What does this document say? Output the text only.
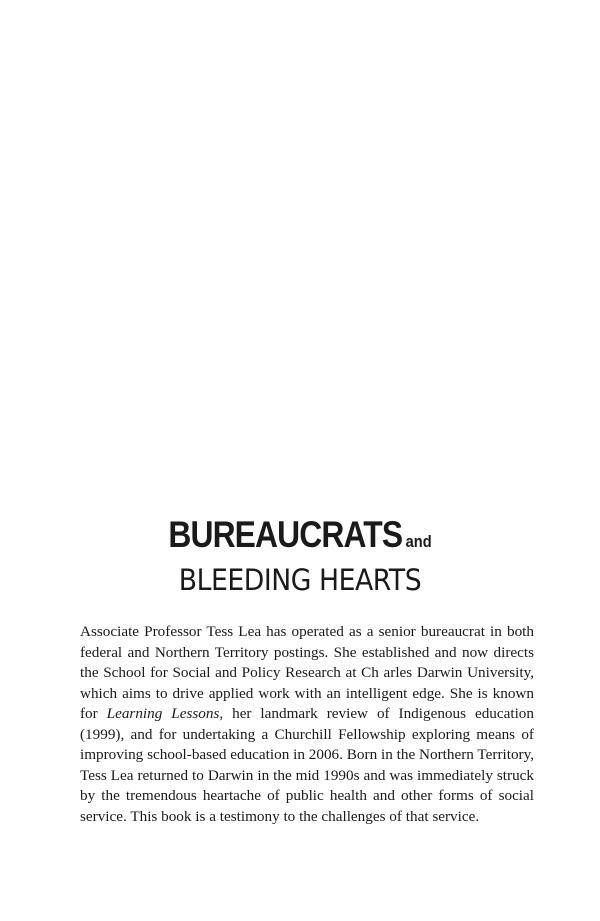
BUREAUCRATS and
BLEEDING HEARTS

Associate Professor Tess Lea has operated as a senior bureaucrat in both federal and Northern Territory postings. She established and now directs the School for Social and Policy Research at Ch arles Darwin University, which aims to drive applied work with an intelligent edge. She is known for Learning Lessons, her landmark review of Indigenous education (1999), and for undertaking a Churchill Fellowship exploring means of improving school-based education in 2006. Born in the Northern Territory, Tess Lea returned to Darwin in the mid 1990s and was immediately struck by the tremendous heartache of public health and other forms of social service. This book is a testimony to the challenges of that service.
